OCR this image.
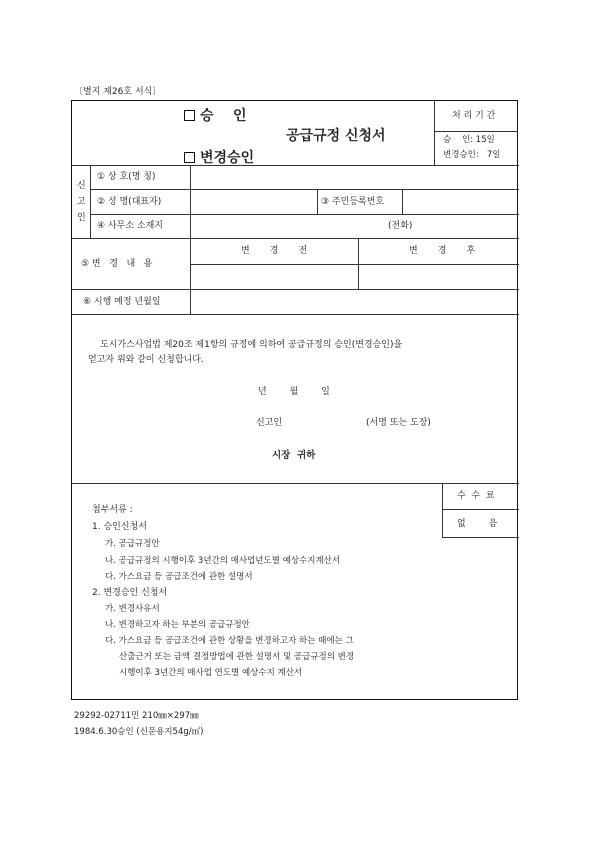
〔별지 제26호 서식〕
승    인
변경승인
공급규정 신청서
처 리 기 간
승    인: 15일
변경승인:   7일
신
고
인
① 상 호(명 칭)
② 성 명(대표자)	③ 주민등록번호
④ 사무소 소재지	(전화)
⑤ 변   경   내   용
변       경       전	변       경       후
⑥ 시행 예정 년월일
도시가스사업법 제20조 제1항의 규정에 의하여 공급규정의 승인(변경승인)을
얻고자 위와 같이 신청합니다.
년        월        일
신고인	(서명 또는 도장)
시장  귀하
수  수  료
없        음
첨부서류 :
1. 승인신청서
가. 공급규정안
나. 공급규정의 시행이후 3년간의 매사업년도별 예상수지계산서
다. 가스요금 등 공급조건에 관한 설명서
2. 변경승인 신청서
가. 변경사유서
나. 변경하고자 하는 부분의 공급규정안
다. 가스요금 등 공급조건에 관한 상황을 변경하고자 하는 때에는 그
산출근거 또는 금액 결정방법에 관한 설명서 및 공급규정의 변경
시행이후 3년간의 매사업 연도별 예상수지 계산서
29292-02711민 210㎜×297㎜
1984.6.30승인 (신문용지54g/㎡)
